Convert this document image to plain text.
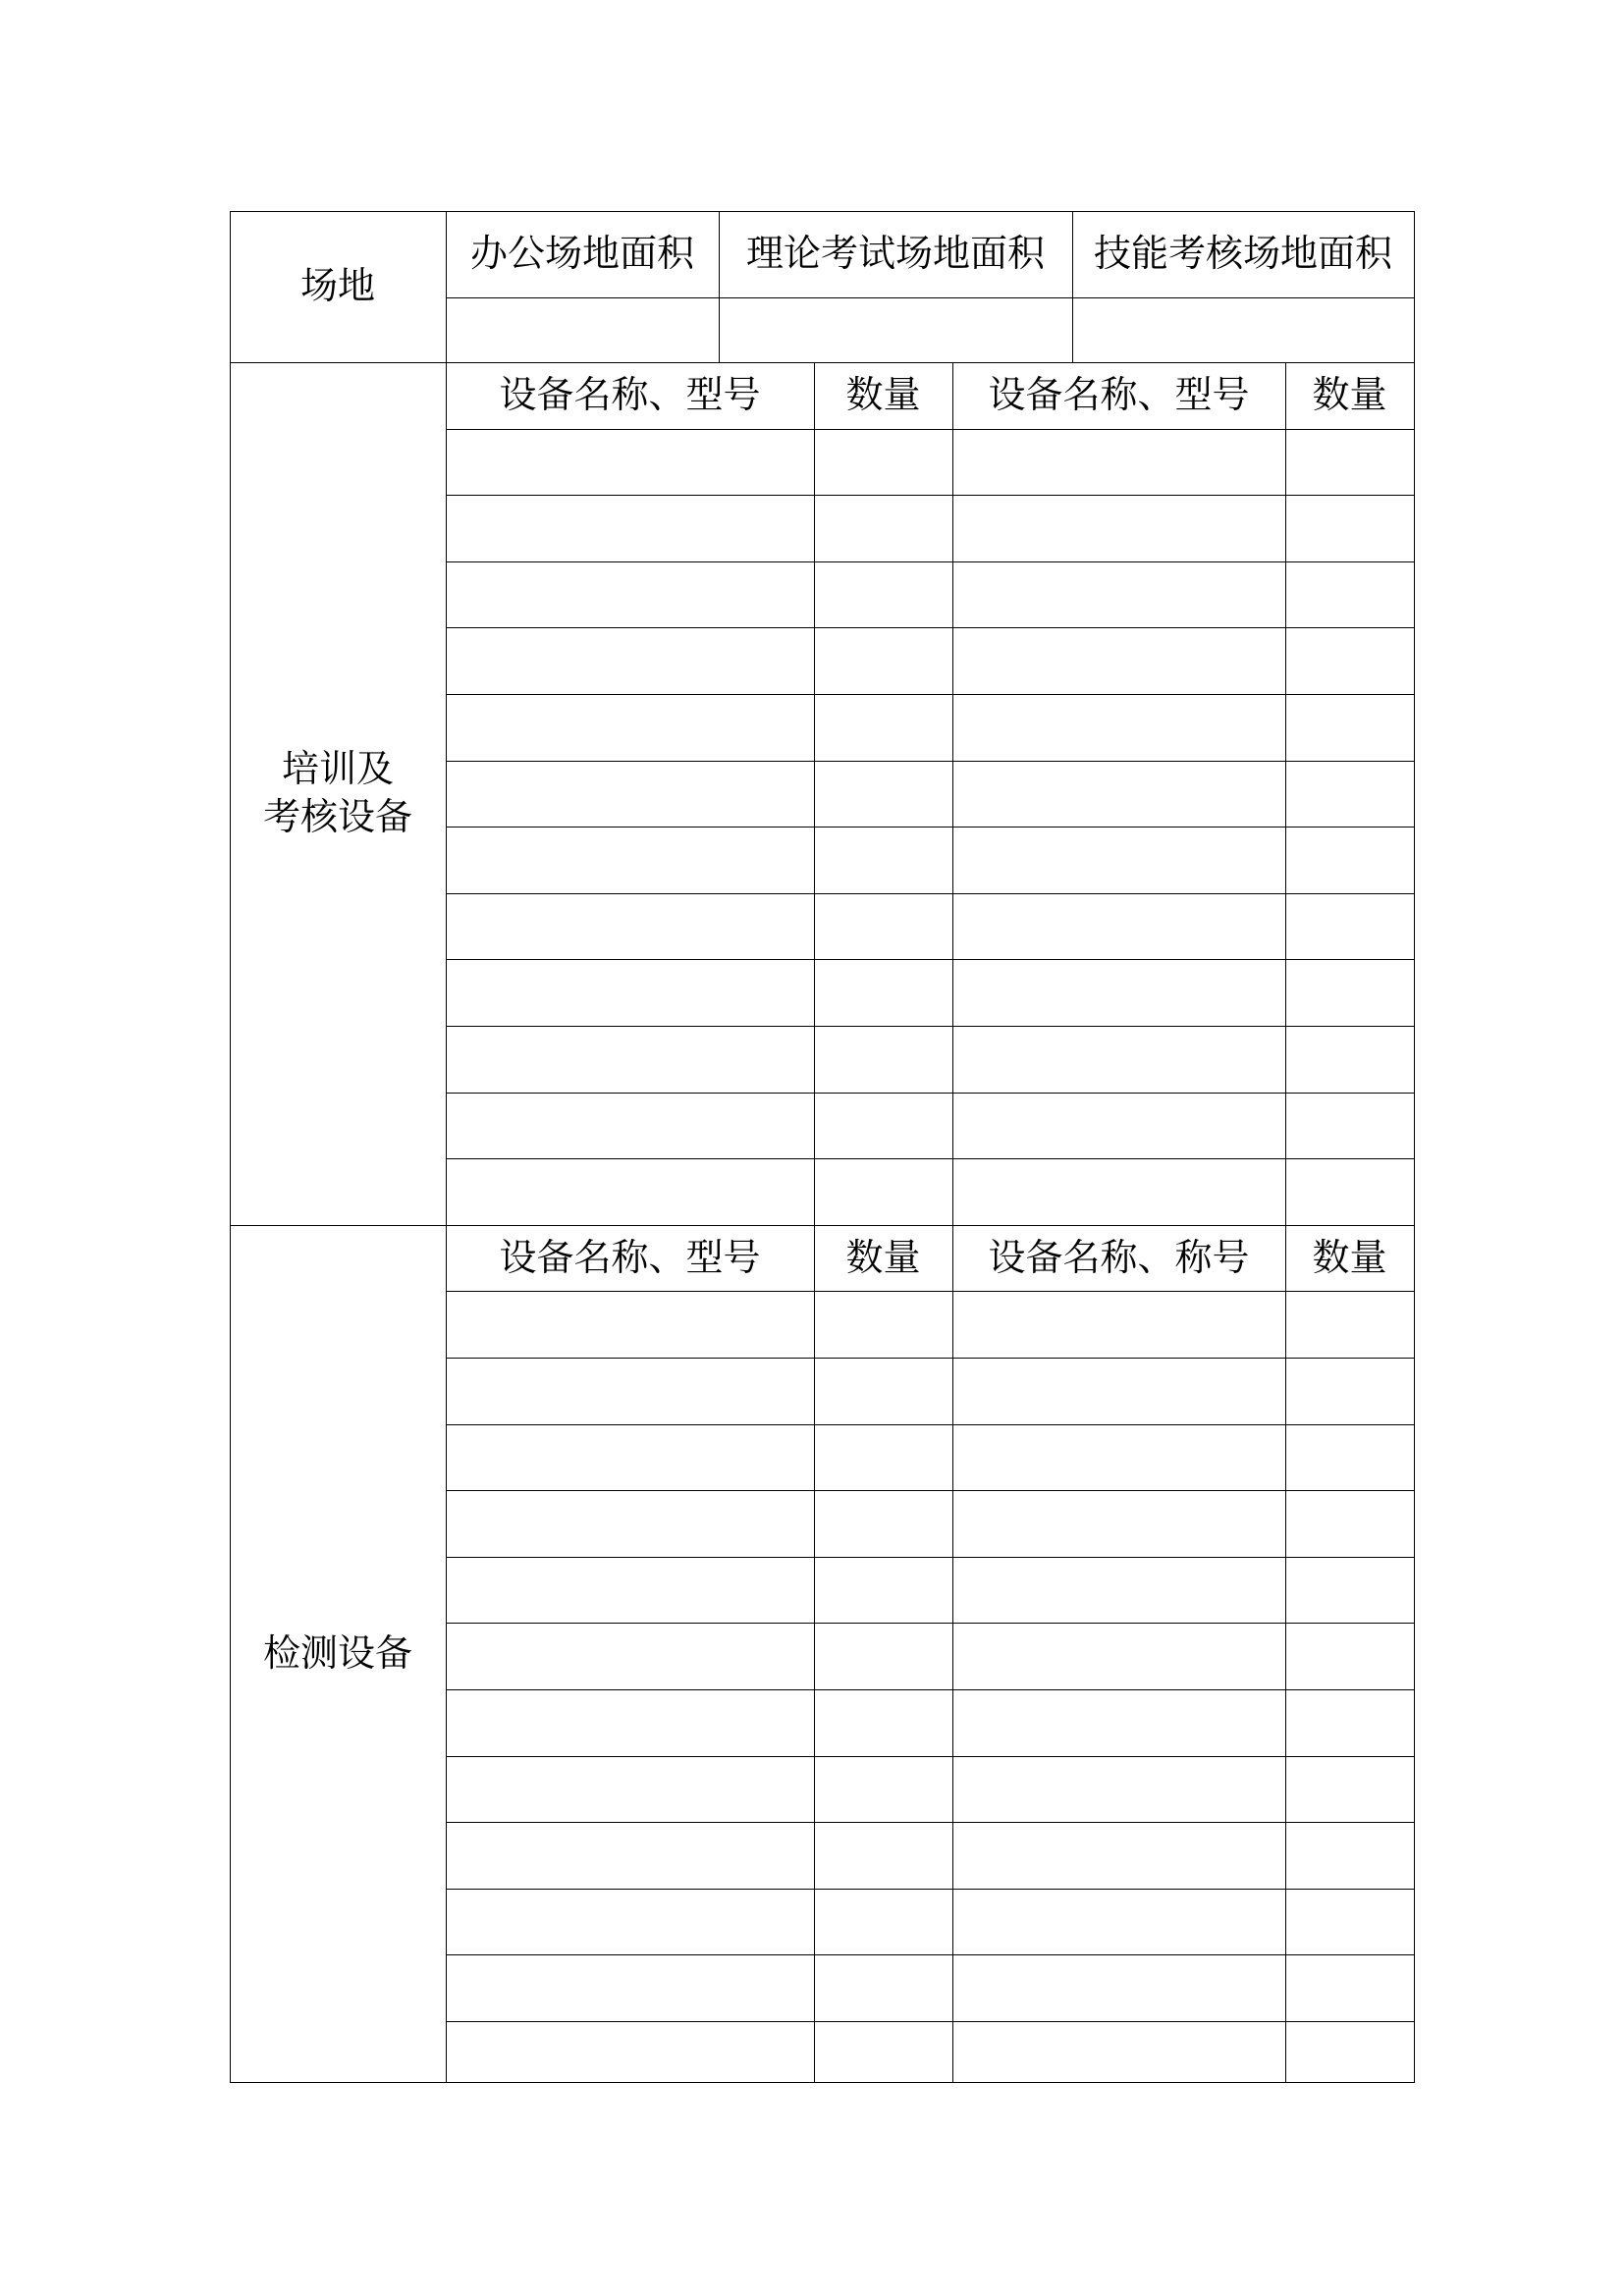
场地
办公场地面积	理论考试场地面积	技能考核场地面积
培训及
考核设备
设备名称、型号	数量	设备名称、型号	数量
检测设备
设备名称、型号	数量	设备名称、称号	数量
